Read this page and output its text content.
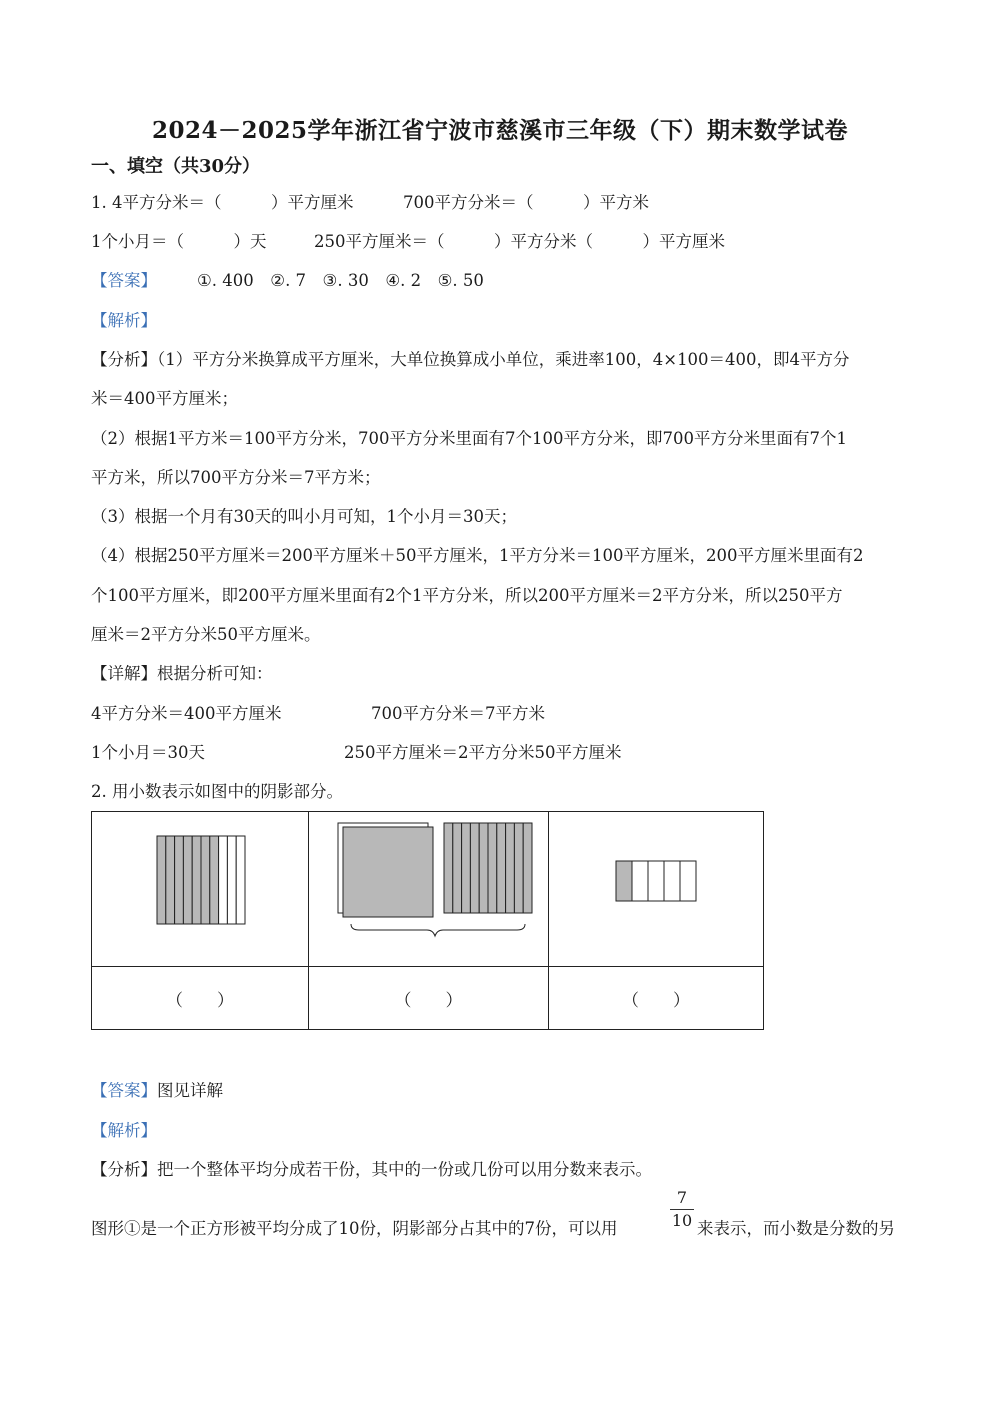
2024－2025学年浙江省宁波市慈溪市三年级（下）期末数学试卷
一、填空（共30分）
1. 4平方分米＝（　　　）平方厘米	700平方分米＝（　　　）平方米
1个小月＝（　　　）天	250平方厘米＝（　　　）平方分米（　　　）平方厘米
【答案】 ①. 400　②. 7　③. 30　④. 2　⑤. 50
【解析】
【分析】（1）平方分米换算成平方厘米，大单位换算成小单位，乘进率100，4×100＝400，即4平方分
米＝400平方厘米；
（2）根据1平方米＝100平方分米，700平方分米里面有7个100平方分米，即700平方分米里面有7个1
平方米，所以700平方分米＝7平方米；
（3）根据一个月有30天的叫小月可知，1个小月＝30天；
（4）根据250平方厘米＝200平方厘米＋50平方厘米，1平方分米＝100平方厘米，200平方厘米里面有2
个100平方厘米，即200平方厘米里面有2个1平方分米，所以200平方厘米＝2平方分米，所以250平方
厘米＝2平方分米50平方厘米。
【详解】根据分析可知：
4平方分米＝400平方厘米	700平方分米＝7平方米
1个小月＝30天	250平方厘米＝2平方分米50平方厘米
2. 用小数表示如图中的阴影部分。

（　　）	（　　）	（　　）
【答案】图见详解
【解析】
【分析】把一个整体平均分成若干份，其中的一份或几份可以用分数来表示。
图形①是一个正方形被平均分成了10份，阴影部分占其中的7份，可以用
7
10 来表示，而小数是分数的另
